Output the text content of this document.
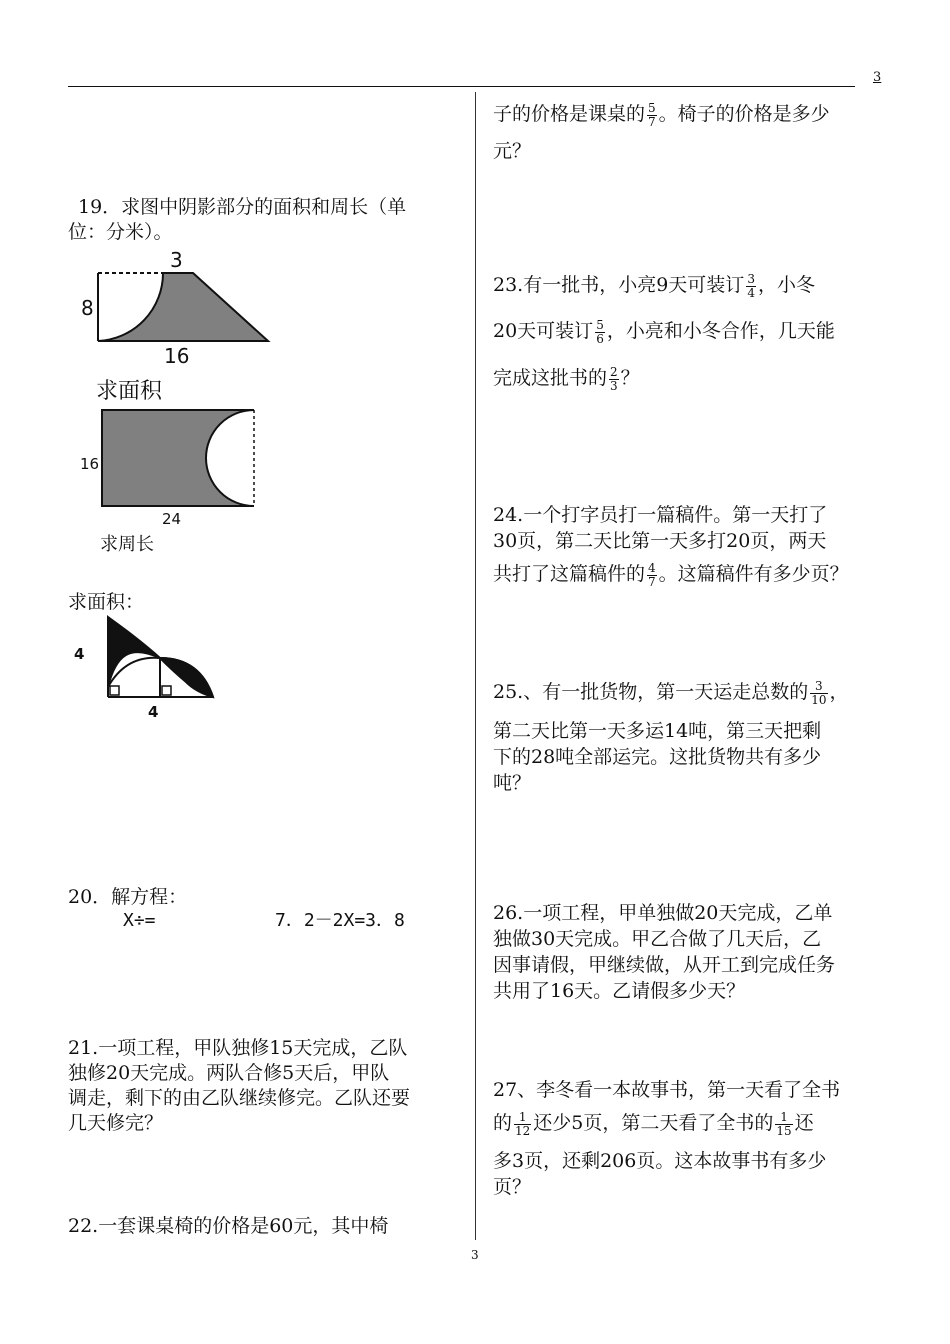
3
3
19．求图中阴影部分的面积和周长（单
位：分米）。
3
8
16
求面积
16
24
求周长
求面积：
4
4
20．解方程：
X÷=	7．2－2X=3．8
21.一项工程，甲队独修15天完成，乙队
独修20天完成。两队合修5天后，甲队
调走，剩下的由乙队继续修完。乙队还要
几天修完？
22.一套课桌椅的价格是60元，其中椅
子的价格是课桌的 $\frac{5}{7}$ 。椅子的价格是多少
元？
23.有一批书，小亮9天可装订 $\frac{3}{4}$ ，小冬
20天可装订 $\frac{5}{6}$ ，小亮和小冬合作，几天能
完成这批书的 $\frac{2}{3}$ ？
24.一个打字员打一篇稿件。第一天打了
30页，第二天比第一天多打20页，两天
共打了这篇稿件的 $\frac{4}{7}$ 。这篇稿件有多少页？
25.、有一批货物，第一天运走总数的 $\frac{3}{10}$ ，
第二天比第一天多运14吨，第三天把剩
下的28吨全部运完。这批货物共有多少
吨？
26.一项工程，甲单独做20天完成，乙单
独做30天完成。甲乙合做了几天后，乙
因事请假，甲继续做，从开工到完成任务
共用了16天。乙请假多少天？
27、李冬看一本故事书，第一天看了全书
的 $\frac{1}{12}$ 还少5页，第二天看了全书的 $\frac{1}{15}$ 还
多3页，还剩206页。这本故事书有多少
页？
